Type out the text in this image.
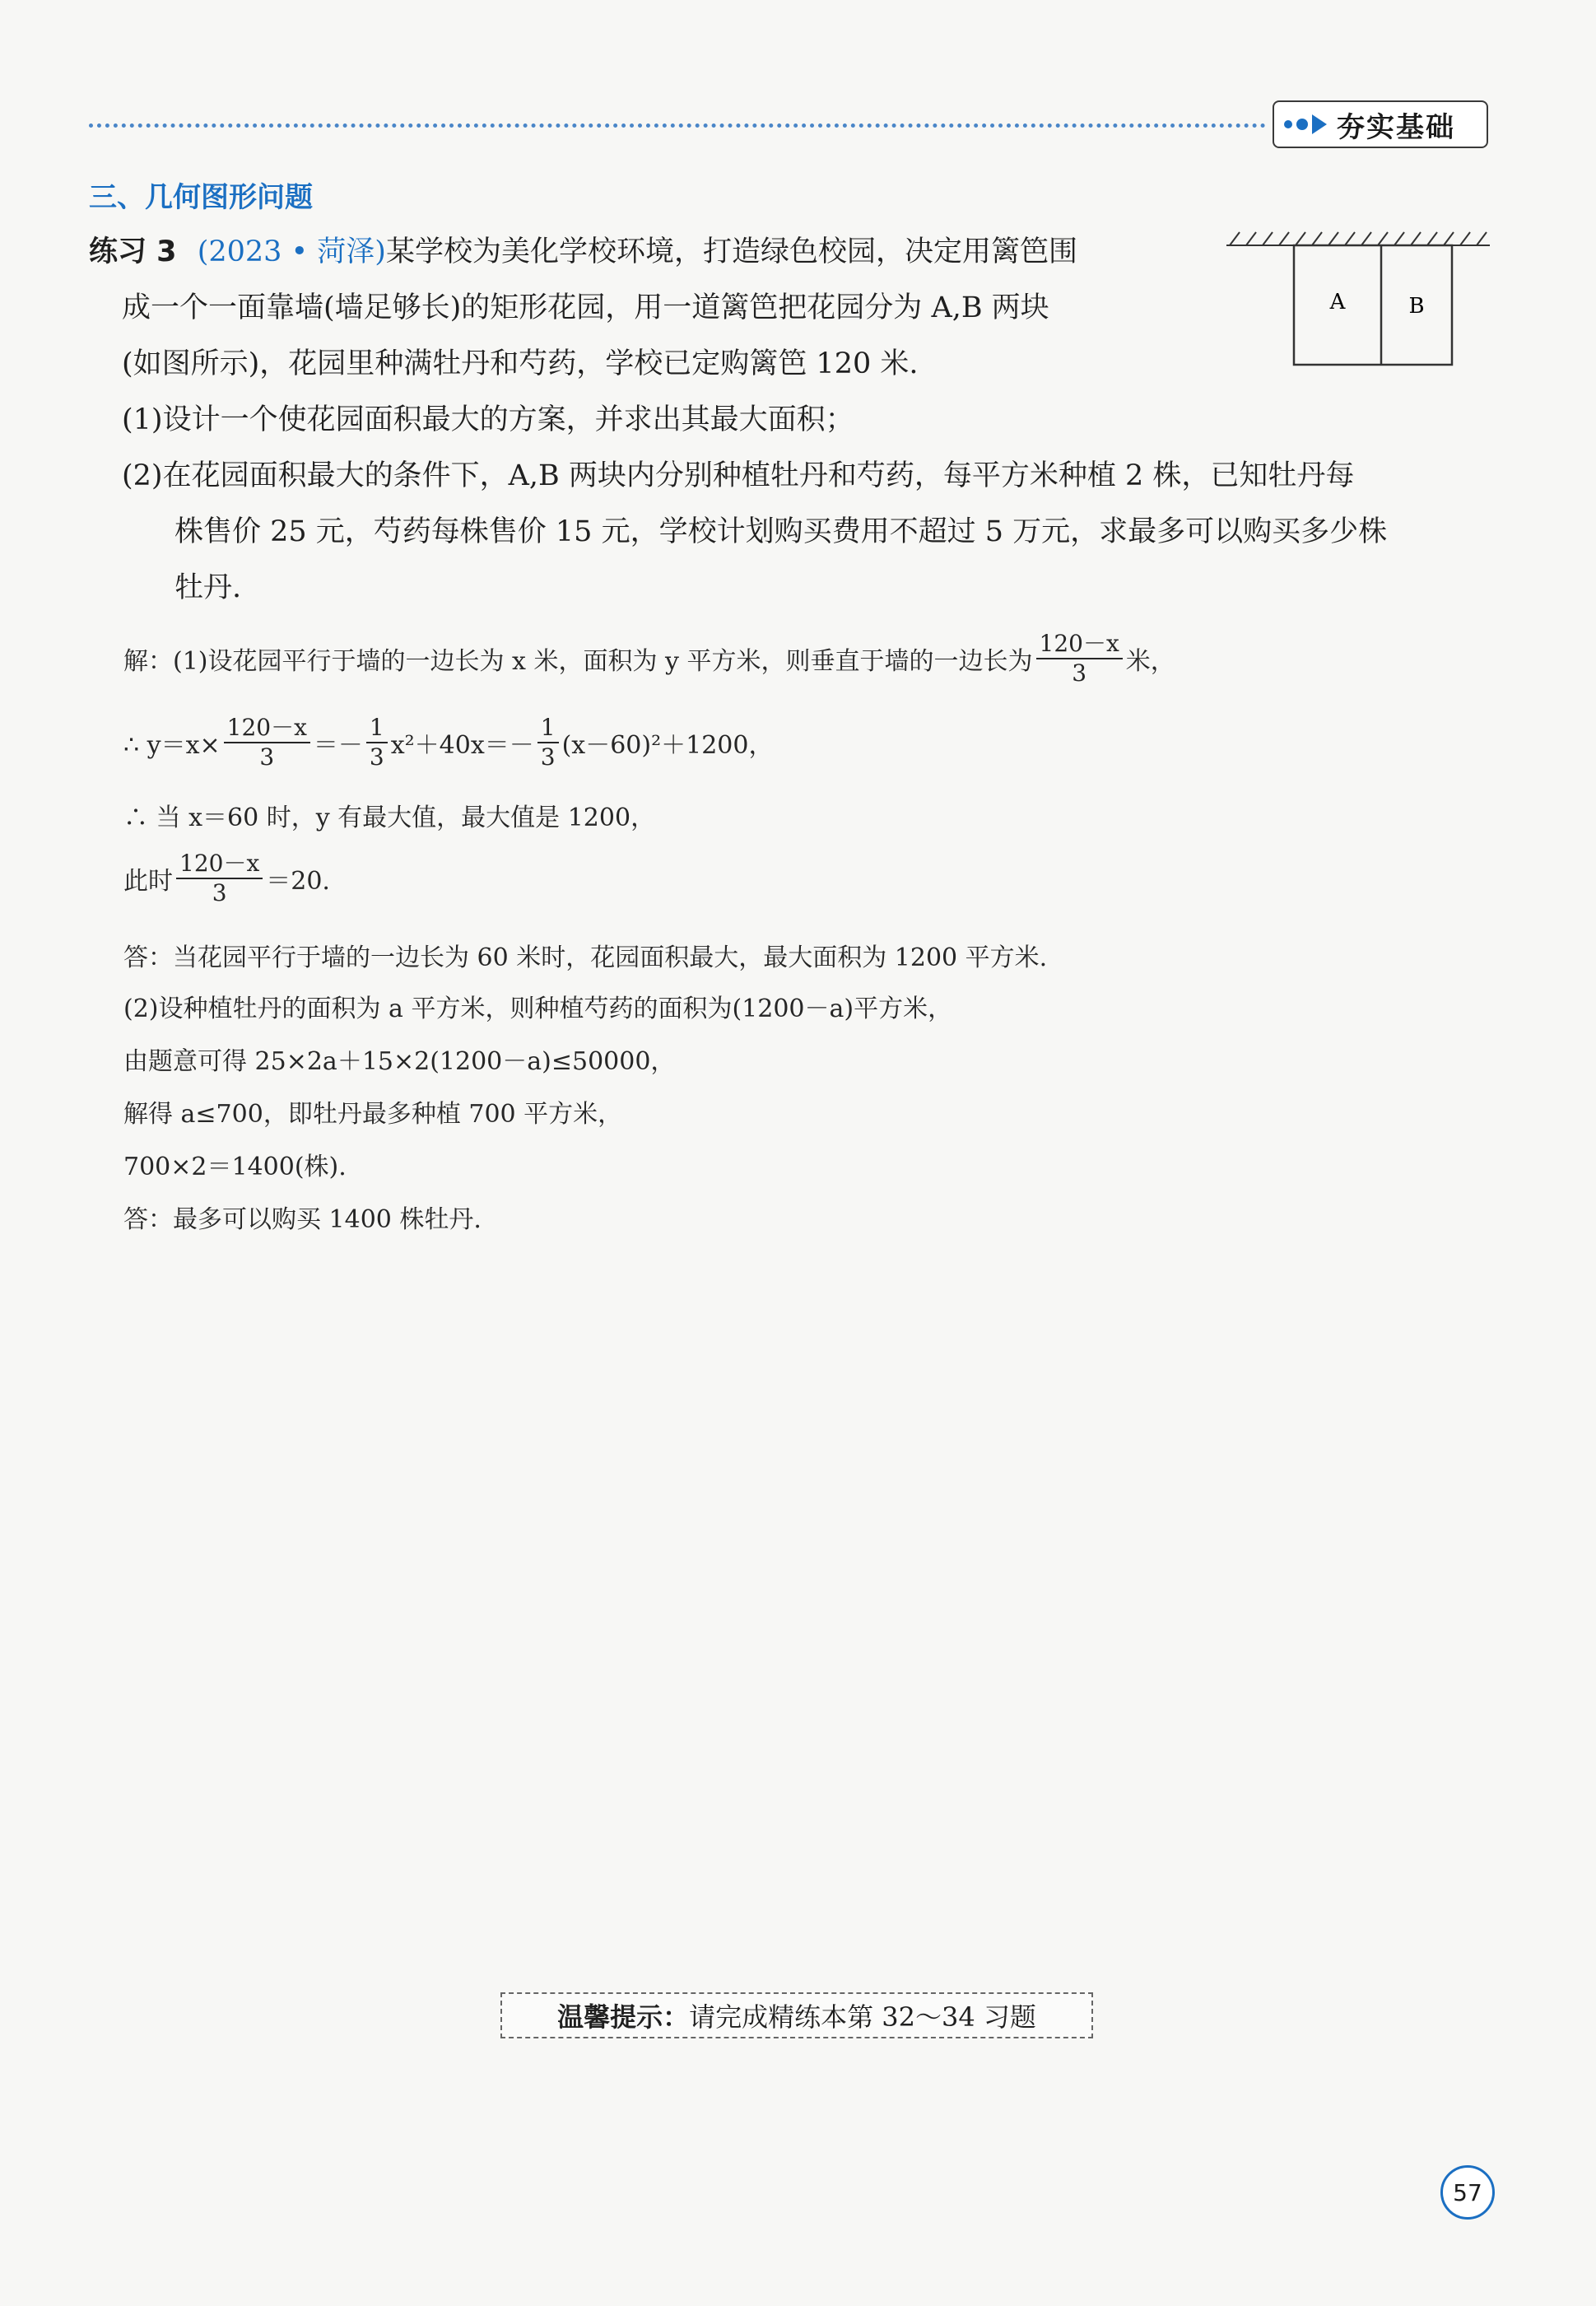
夯实基础
三、几何图形问题
练习 3 (2023 • 菏泽)某学校为美化学校环境，打造绿色校园，决定用篱笆围
成一个一面靠墙(墙足够长)的矩形花园，用一道篱笆把花园分为 A,B 两块
(如图所示)，花园里种满牡丹和芍药，学校已定购篱笆 120 米.
(1)设计一个使花园面积最大的方案，并求出其最大面积；
(2)在花园面积最大的条件下，A,B 两块内分别种植牡丹和芍药，每平方米种植 2 株，已知牡丹每
株售价 25 元，芍药每株售价 15 元，学校计划购买费用不超过 5 万元，求最多可以购买多少株
牡丹.
A	B
解：(1)设花园平行于墙的一边长为 x 米，面积为 y 平方米，则垂直于墙的一边长为 $\frac{120-x}{3}$ 米，
∴ $y=x\times \frac{120-x}{3} =- \frac{1}{3} x^2+40x=- \frac{1}{3} (x-60)^2+1200$，
∴ 当 x＝60 时，y 有最大值，最大值是 1200，
此时 $\frac{120-x}{3} =20$.
答：当花园平行于墙的一边长为 60 米时，花园面积最大，最大面积为 1200 平方米.
(2)设种植牡丹的面积为 a 平方米，则种植芍药的面积为(1200－a)平方米，
由题意可得 25×2a＋15×2(1200－a)≤50000，
解得 a≤700，即牡丹最多种植 700 平方米，
700×2＝1400(株).
答：最多可以购买 1400 株牡丹.
温馨提示： 请完成精练本第 32～34 习题
57
